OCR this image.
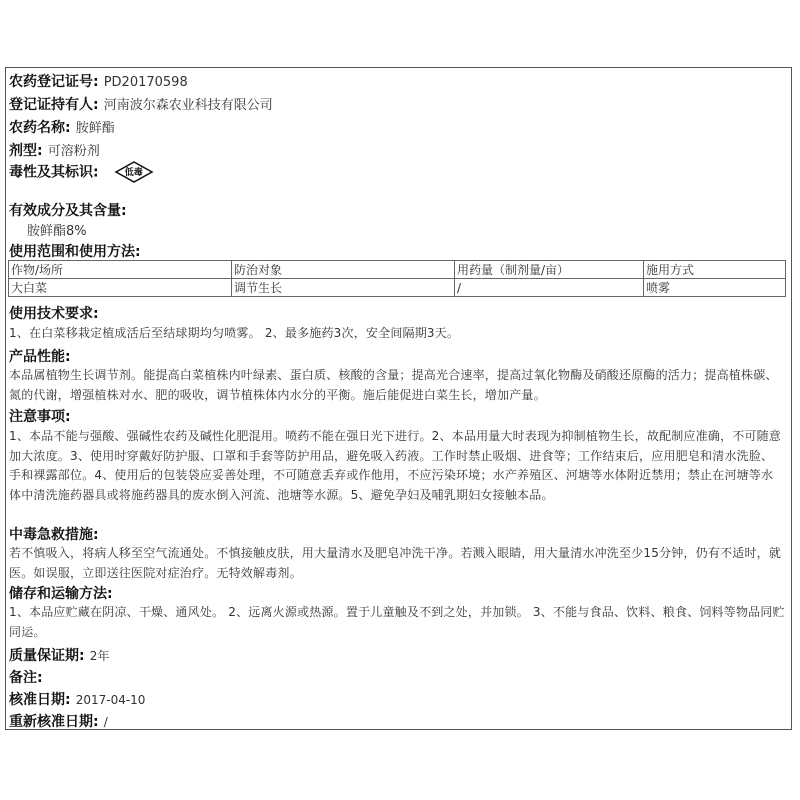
农药登记证号: PD20170598
登记证持有人: 河南波尔森农业科技有限公司
农药名称: 胺鲜酯
剂型: 可溶粉剂
毒性及其标识:	低毒
有效成分及其含量:
胺鲜酯8%
使用范围和使用方法:
作物/场所	防治对象	用药量（制剂量/亩）	施用方式
大白菜	调节生长	/	喷雾
使用技术要求:
1、在白菜移栽定植成活后至结球期均匀喷雾。 2、最多施药3次，安全间隔期3天。
产品性能:
本品属植物生长调节剂。能提高白菜植株内叶绿素、蛋白质、核酸的含量；提高光合速率，提高过氧化物酶及硝酸还原酶的活力；提高植株碳、氮的代谢，增强植株对水、肥的吸收，调节植株体内水分的平衡。施后能促进白菜生长，增加产量。
注意事项:
1、本品不能与强酸、强碱性农药及碱性化肥混用。喷药不能在强日光下进行。2、本品用量大时表现为抑制植物生长，故配制应准确，不可随意加大浓度。3、使用时穿戴好防护服、口罩和手套等防护用品，避免吸入药液。工作时禁止吸烟、进食等；工作结束后，应用肥皂和清水洗脸、手和裸露部位。4、使用后的包装袋应妥善处理，不可随意丢弃或作他用，不应污染环境；水产养殖区、河塘等水体附近禁用；禁止在河塘等水体中清洗施药器具或将施药器具的废水倒入河流、池塘等水源。5、避免孕妇及哺乳期妇女接触本品。
中毒急救措施:
若不慎吸入，将病人移至空气流通处。不慎接触皮肤，用大量清水及肥皂冲洗干净。若溅入眼睛，用大量清水冲洗至少15分钟，仍有不适时，就医。如误服，立即送往医院对症治疗。无特效解毒剂。
储存和运输方法:
1、本品应贮藏在阴凉、干燥、通风处。 2、远离火源或热源。置于儿童触及不到之处，并加锁。 3、不能与食品、饮料、粮食、饲料等物品同贮同运。
质量保证期: 2年
备注:
核准日期: 2017-04-10
重新核准日期: /
